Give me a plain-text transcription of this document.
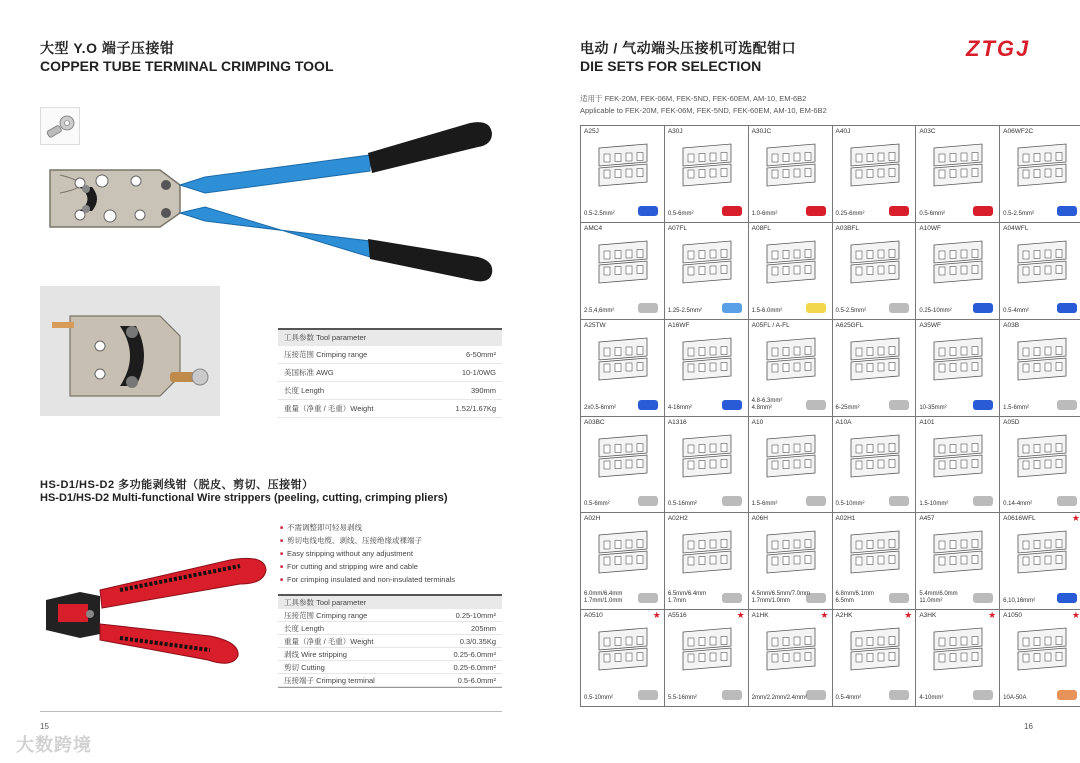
大型 Y.O 端子压接钳
COPPER TUBE TERMINAL CRIMPING TOOL
工具参数 Tool parameter
压接范围 Crimping range	6-50mm²
美国标准 AWG	10-1/0WG
长度 Length	390mm
重量（净重 / 毛重）Weight	1.52/1.67Kg
HS-D1/HS-D2 多功能剥线钳（脱皮、剪切、压接钳）
HS-D1/HS-D2 Multi-functional Wire strippers (peeling, cutting, crimping pliers)
■ 不需调整即可轻易剥线
■ 剪切电线电缆、剥线、压接绝缘或裸端子
■ Easy stripping without any adjustment
■ For cutting and stripping wire and cable
■ For crimping insulated and non-insulated terminals
工具参数 Tool parameter
压接范围 Crimping range	0.25-10mm²
长度 Length	205mm
重量（净重 / 毛重）Weight	0.3/0.35Kg
剥线 Wire stripping	0.25-6.0mm²
剪切 Cutting	0.25-6.0mm²
压接端子 Crimping terminal	0.5-6.0mm²
15
大数跨境
电动 / 气动端头压接机可选配钳口
DIE SETS FOR SELECTION
ZTGJ
适用于 FEK-20M, FEK-06M, FEK-5ND, FEK-60EM, AM-10, EM-6B2
Applicable to FEK-20M, FEK-06M, FEK-5ND, FEK-60EM, AM-10, EM-6B2
A25J
0.5-2.5mm²
A30J
0.5-6mm²
A30JC
1.0-6mm²
A40J
0.25-6mm²
A03C
0.5-6mm²
A06WF2C
0.5-2.5mm²
AMC4
2.5,4,6mm²
A07FL
1.25-2.5mm²
A08FL
1.5-6.0mm²
A03BFL
0.5-2.5mm²
A10WF
0.25-10mm²
A04WFL
0.5-4mm²
A25TW
2x0.5-6mm²
A16WF
4-16mm²
A05FL / A-FL
4.8-6.3mm²
4.8mm²
A625GFL
6-25mm²
A35WF
10-35mm²
A03B
1.5-6mm²
A03BC
0.5-6mm²
A1316
0.5-16mm²
A10
1.5-6mm²
A10A
0.5-10mm²
A101
1.5-10mm²
A05D
0.14-4mm²
A02H
6.0mm/6.4mm
1.7mm/1.0mm
A02H2
6.5mm/6.4mm
1.7mm
A06H
4.5mm/6.5mm/7.0mm
1.7mm/1.0mm
A02H1
6.8mm/6.1mm
6.5mm
A457
5.4mm/6.0mm
11.0mm²
A0616WFL	★
6,10,16mm²
A0510	★
0.5-10mm²
A5516	★
5.5-16mm²
A1HK	★
2mm/2.2mm/2.4mm²
A2HK	★
0.5-4mm²
A3HK	★
4-10mm²
A1050	★
10A-50A
16
